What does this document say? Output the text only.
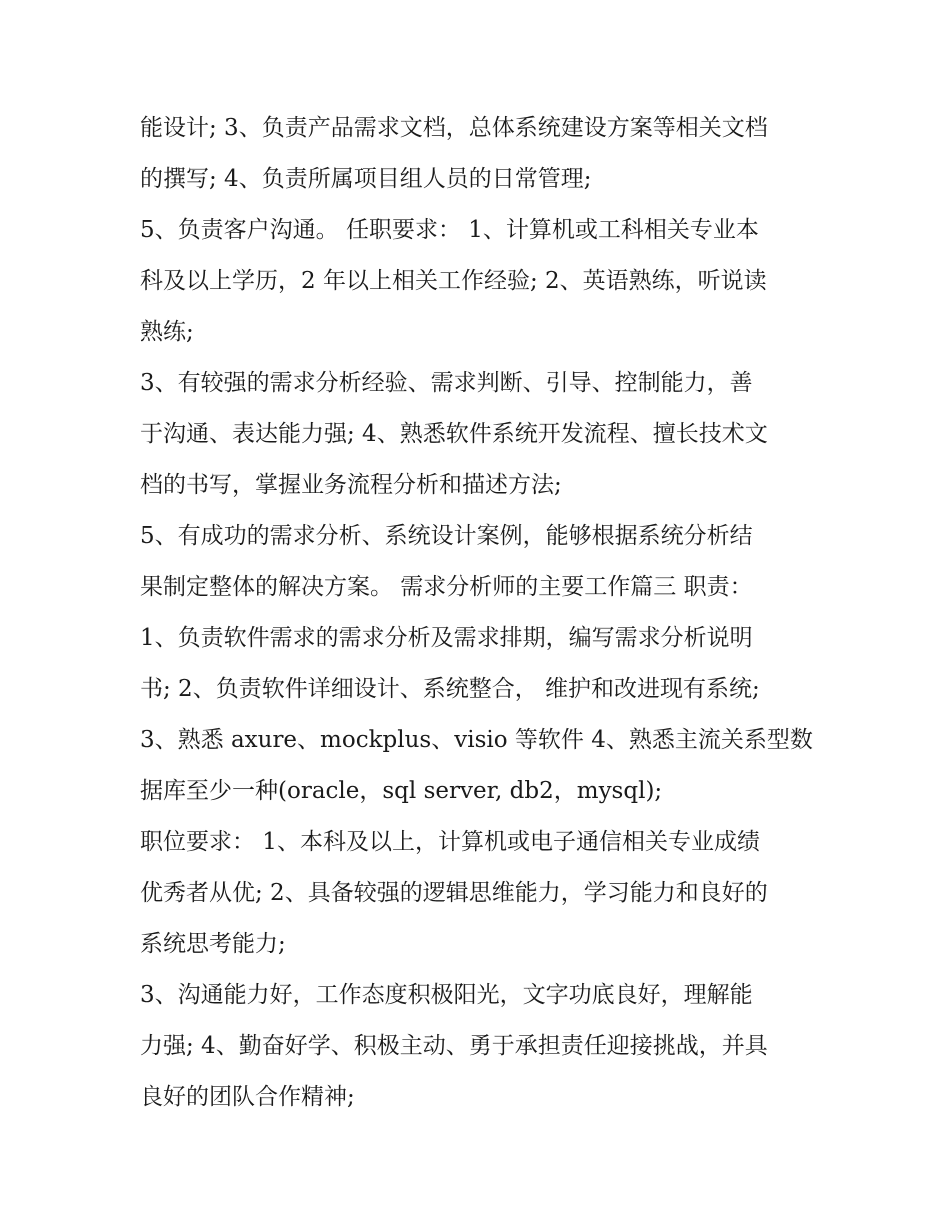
能设计; 3、负责产品需求文档，总体系统建设方案等相关文档
的撰写; 4、负责所属项目组人员的日常管理;
5、负责客户沟通。 任职要求： 1、计算机或工科相关专业本
科及以上学历，2 年以上相关工作经验; 2、英语熟练，听说读
熟练;
3、有较强的需求分析经验、需求判断、引导、控制能力，善
于沟通、表达能力强; 4、熟悉软件系统开发流程、擅长技术文
档的书写，掌握业务流程分析和描述方法;
5、有成功的需求分析、系统设计案例，能够根据系统分析结
果制定整体的解决方案。 需求分析师的主要工作篇三 职责：
1、负责软件需求的需求分析及需求排期，编写需求分析说明
书; 2、负责软件详细设计、系统整合， 维护和改进现有系统;
3、熟悉 axure、mockplus、visio 等软件 4、熟悉主流关系型数
据库至少一种(oracle，sql server, db2，mysql);
职位要求： 1、本科及以上，计算机或电子通信相关专业成绩
优秀者从优; 2、具备较强的逻辑思维能力，学习能力和良好的
系统思考能力;
3、沟通能力好，工作态度积极阳光，文字功底良好，理解能
力强; 4、勤奋好学、积极主动、勇于承担责任迎接挑战，并具
良好的团队合作精神;
